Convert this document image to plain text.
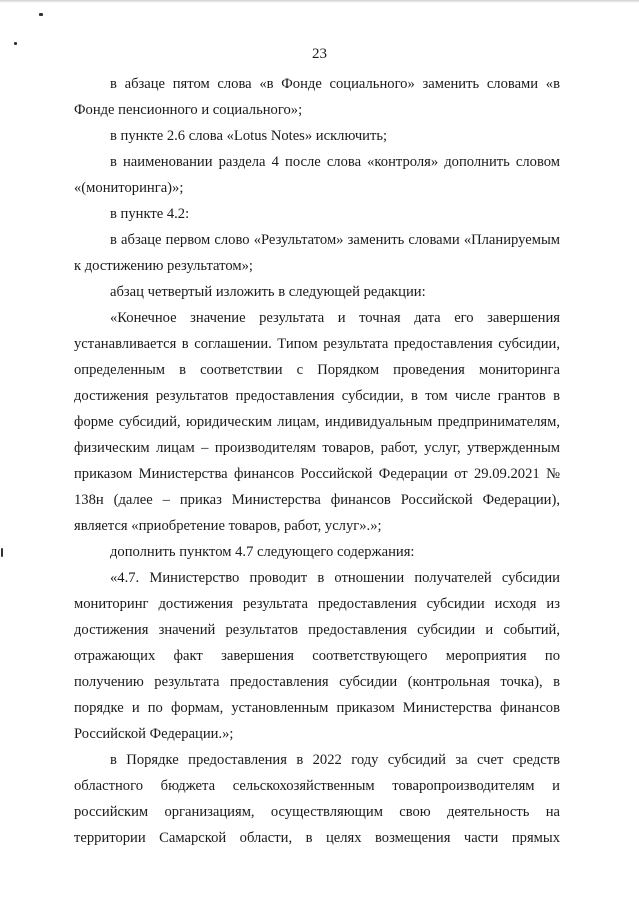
23

в абзаце пятом слова «в Фонде социального» заменить словами «в Фонде пенсионного и социального»;

в пункте 2.6 слова «Lotus Notes» исключить;

в наименовании раздела 4 после слова «контроля» дополнить словом «(мониторинга)»;

в пункте 4.2:

в абзаце первом слово «Результатом» заменить словами «Планируемым к достижению результатом»;

абзац четвертый изложить в следующей редакции:

«Конечное значение результата и точная дата его завершения устанавливается в соглашении. Типом результата предоставления субсидии, определенным в соответствии с Порядком проведения мониторинга достижения результатов предоставления субсидии, в том числе грантов в форме субсидий, юридическим лицам, индивидуальным предпринимателям, физическим лицам – производителям товаров, работ, услуг, утвержденным приказом Министерства финансов Российской Федерации от 29.09.2021 № 138н (далее – приказ Министерства финансов Российской Федерации), является «приобретение товаров, работ, услуг».»;

дополнить пунктом 4.7 следующего содержания:

«4.7. Министерство проводит в отношении получателей субсидии мониторинг достижения результата предоставления субсидии исходя из достижения значений результатов предоставления субсидии и событий, отражающих факт завершения соответствующего мероприятия по получению результата предоставления субсидии (контрольная точка), в порядке и по формам, установленным приказом Министерства финансов Российской Федерации.»;

в Порядке предоставления в 2022 году субсидий за счет средств областного бюджета сельскохозяйственным товаропроизводителям и российским организациям, осуществляющим свою деятельность на территории Самарской области, в целях возмещения части прямых
